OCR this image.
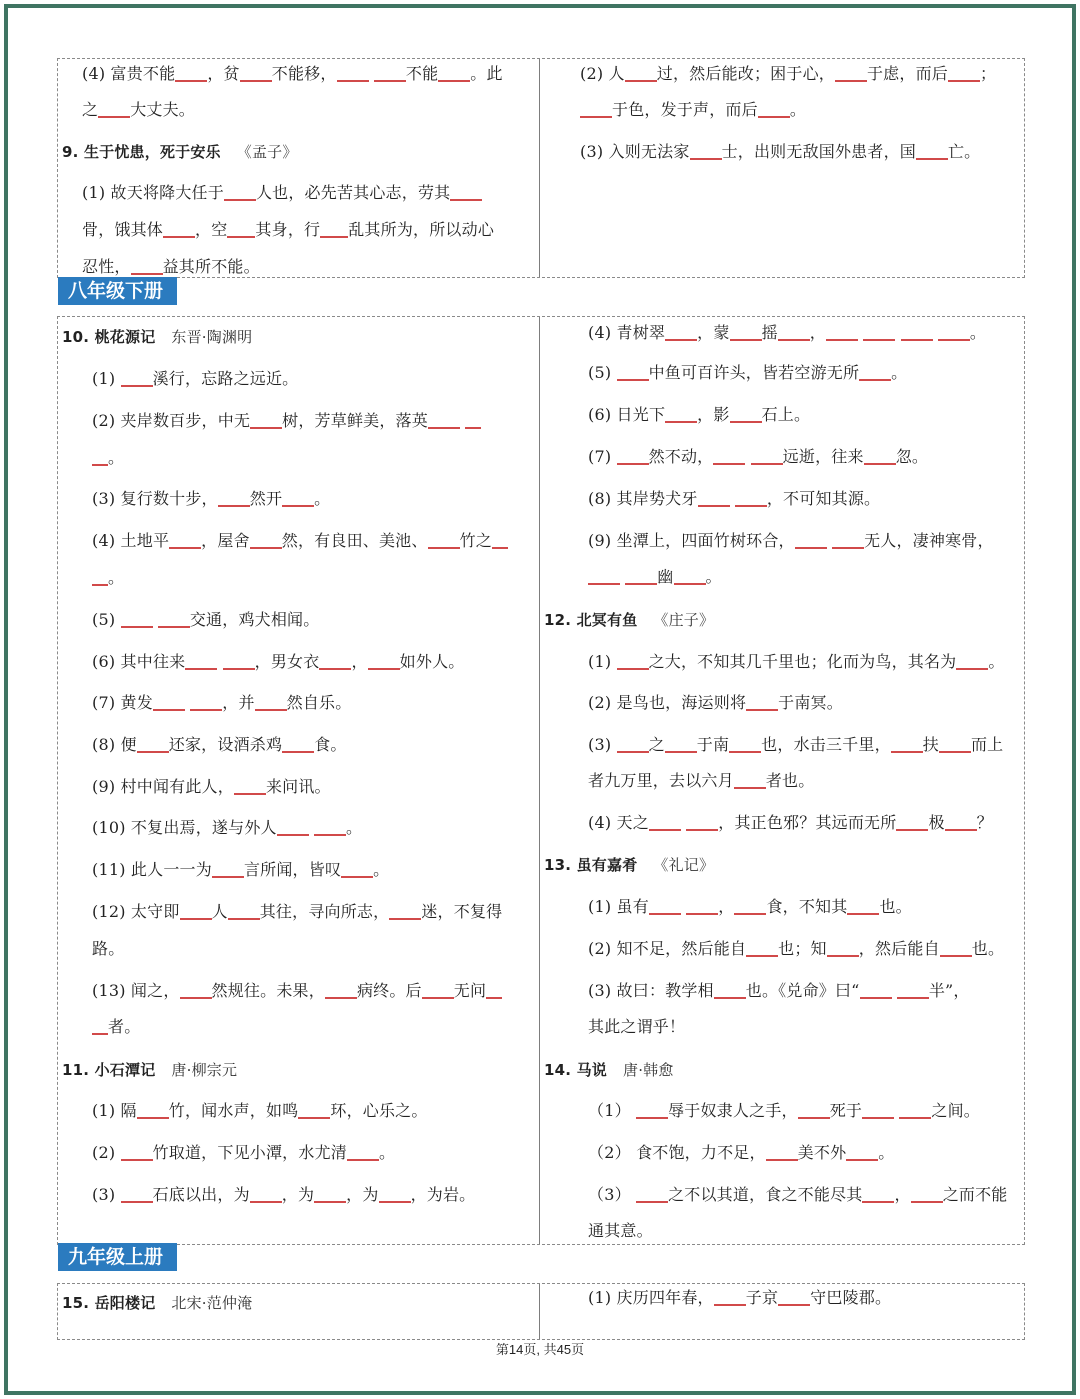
(4) 富贵不能 ，贫 不能移，	不能 。此
之 大丈夫。
9. 生于忧患，死于安乐 《孟子》
(1) 故天将降大任于 人也，必先苦其心志，劳其
骨，饿其体 ，空 其身，行 乱其所为，所以动心
忍性， 益其所不能。
(2) 人 过，然后能改；困于心， 于虑，而后 ；
于色，发于声，而后 。
(3) 入则无法家 士，出则无敌国外患者，国 亡。
八年级下册
10. 桃花源记 东晋·陶渊明
(1) 溪行，忘路之远近。
(2) 夹岸数百步，中无 树，芳草鲜美，落英
。
(3) 复行数十步， 然开 。
(4) 土地平 ，屋舍 然，有良田、美池、 竹之
。
(5)	交通，鸡犬相闻。
(6) 其中往来	，男女衣 ， 如外人。
(7) 黄发	，并 然自乐。
(8) 便 还家，设酒杀鸡 食。
(9) 村中闻有此人， 来问讯。
(10) 不复出焉，遂与外人	。
(11) 此人一一为 言所闻，皆叹 。
(12) 太守即 人 其往，寻向所志， 迷，不复得
路。
(13) 闻之， 然规往。未果， 病终。后 无问
者。
11. 小石潭记 唐·柳宗元
(1) 隔 竹，闻水声，如鸣 环，心乐之。
(2) 竹取道，下见小潭，水尤清 。
(3) 石底以出，为 ，为 ，为 ，为岩。
(4) 青树翠 ，蒙 摇 ，	。
(5) 中鱼可百许头，皆若空游无所 。
(6) 日光下 ，影 石上。
(7) 然不动，	远逝，往来 忽。
(8) 其岸势犬牙	，不可知其源。
(9) 坐潭上，四面竹树环合，	无人，凄神寒骨，
幽 。
12. 北冥有鱼 《庄子》
(1) 之大，不知其几千里也；化而为鸟，其名为 。
(2) 是鸟也，海运则将 于南冥。
(3) 之 于南 也，水击三千里， 扶 而上
者九万里，去以六月 者也。
(4) 天之	，其正色邪？其远而无所 极 ？
13. 虽有嘉肴 《礼记》
(1) 虽有	， 食，不知其 也。
(2) 知不足，然后能自 也；知 ，然后能自 也。
(3) 故曰：教学相 也。《兑命》曰“	半”，
其此之谓乎！
14. 马说 唐·韩愈
（1） 辱于奴隶人之手， 死于	之间。
（2） 食不饱，力不足， 美不外 。
（3） 之不以其道，食之不能尽其 ， 之而不能
通其意。
九年级上册
15. 岳阳楼记 北宋·范仲淹	(1) 庆历四年春， 子京 守巴陵郡。
第14页, 共45页
